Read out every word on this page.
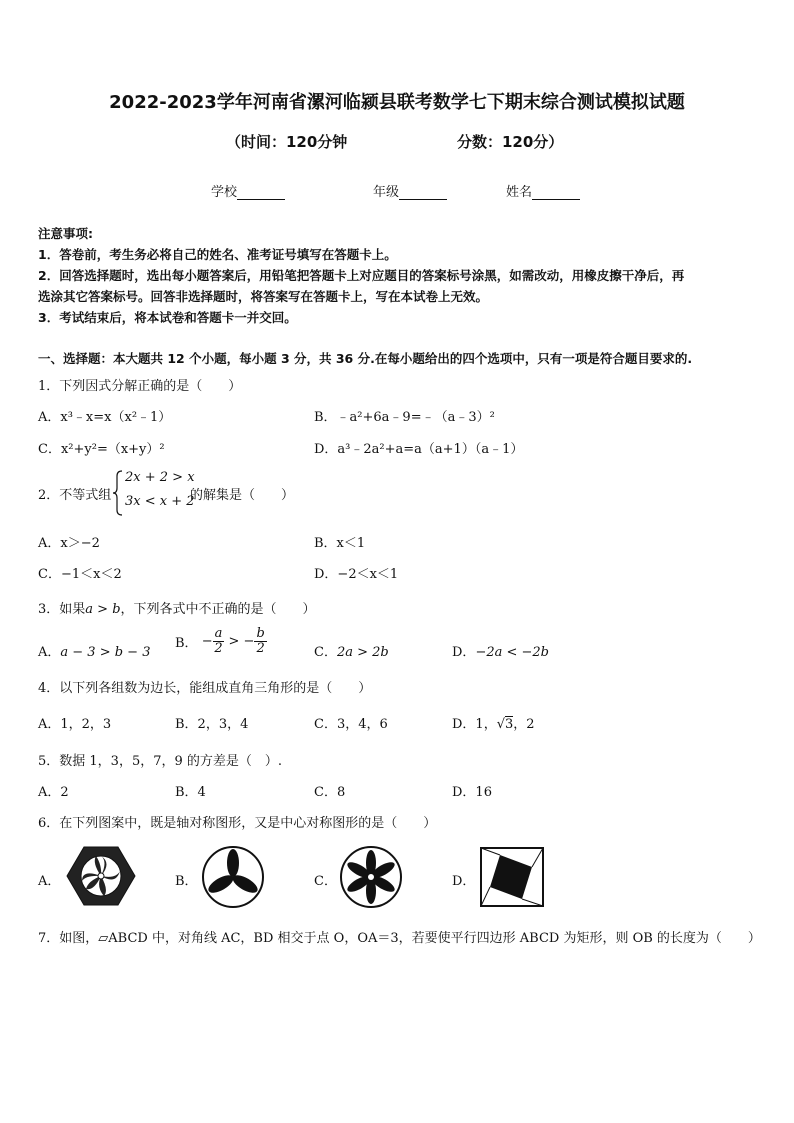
2022-2023学年河南省漯河临颍县联考数学七下期末综合测试模拟试题
（时间：120分钟	分数：120分）
学校	年级	姓名
注意事项:
1．答卷前，考生务必将自己的姓名、准考证号填写在答题卡上。
2．回答选择题时，选出每小题答案后，用铅笔把答题卡上对应题目的答案标号涂黑，如需改动，用橡皮擦干净后，再
选涂其它答案标号。回答非选择题时，将答案写在答题卡上，写在本试卷上无效。
3．考试结束后，将本试卷和答题卡一并交回。
一、选择题：本大题共 12 个小题，每小题 3 分，共 36 分.在每小题给出的四个选项中，只有一项是符合题目要求的.
1．下列因式分解正确的是（　　）
A．x³﹣x=x（x²﹣1）	B．﹣a²+6a﹣9=﹣（a﹣3）²
C．x²+y²=（x+y）²	D．a³﹣2a²+a=a（a+1）（a﹣1）
2．不等式组
2x + 2 > x
3x < x + 2
的解集是（　　）
A．x＞−2	B．x＜1
C．−1＜x＜2	D．−2＜x＜1
3．如果a > b，下列各式中不正确的是（　　）
A．a − 3 > b − 3
B． − $\frac{a}{2}$ > − $\frac{b}{2}$	C．2a > 2b	D．−2a < −2b
4．以下列各组数为边长，能组成直角三角形的是（　　）
A．1，2，3	B．2，3，4	C．3，4，6	D．1，√3，2
5．数据 1，3，5，7，9 的方差是（　）.
A．2	B．4	C．8	D．16
6．在下列图案中，既是轴对称图形，又是中心对称图形的是（　　）
A．	B．	C．	D．
7．如图，▱ABCD 中，对角线 AC，BD 相交于点 O，OA＝3，若要使平行四边形 ABCD 为矩形，则 OB 的长度为（　　）
